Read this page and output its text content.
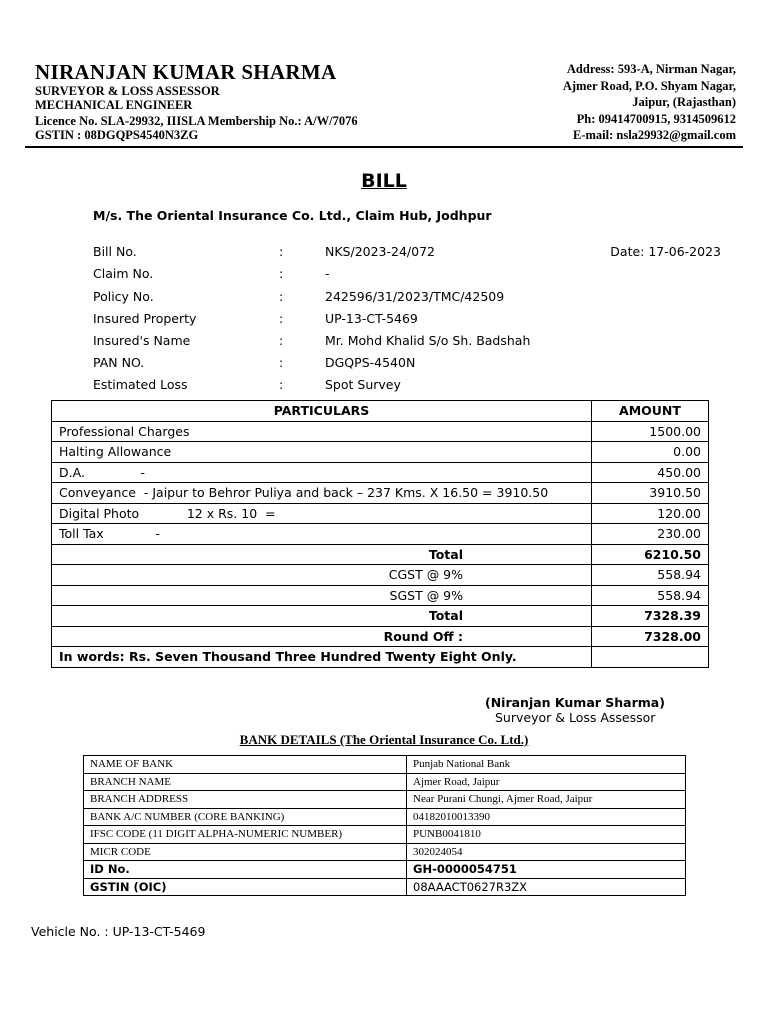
NIRANJAN KUMAR SHARMA
SURVEYOR & LOSS ASSESSOR
MECHANICAL ENGINEER
Licence No. SLA-29932, IIISLA Membership No.: A/W/7076
GSTIN : 08DGQPS4540N3ZG
Address: 593-A, Nirman Nagar,
Ajmer Road, P.O. Shyam Nagar,
Jaipur, (Rajasthan)
Ph: 09414700915, 9314509612
E-mail: nsla29932@gmail.com
BILL
M/s. The Oriental Insurance Co. Ltd., Claim Hub, Jodhpur
Bill No.	:	NKS/2023-24/072	Date: 17-06-2023
Claim No.	:	-
Policy No.	:	242596/31/2023/TMC/42509
Insured Property	:	UP-13-CT-5469
Insured's Name	:	Mr. Mohd Khalid S/o Sh. Badshah
PAN NO.	:	DGQPS-4540N
Estimated Loss	:	Spot Survey
PARTICULARS	AMOUNT
Professional Charges	1500.00
Halting Allowance	0.00
D.A.              -	450.00
Conveyance  - Jaipur to Behror Puliya and back – 237 Kms. X 16.50 = 3910.50	3910.50
Digital Photo            12 x Rs. 10  =	120.00
Toll Tax             -	230.00
Total	6210.50
CGST @ 9%	558.94
SGST @ 9%	558.94
Total	7328.39
Round Off :	7328.00
In words: Rs. Seven Thousand Three Hundred Twenty Eight Only.	
(Niranjan Kumar Sharma)
Surveyor & Loss Assessor
BANK DETAILS (The Oriental Insurance Co. Ltd.)
NAME OF BANK	Punjab National Bank
BRANCH NAME	Ajmer Road, Jaipur
BRANCH ADDRESS	Near Purani Chungi, Ajmer Road, Jaipur
BANK A/C NUMBER (CORE BANKING)	04182010013390
IFSC CODE (11 DIGIT ALPHA-NUMERIC NUMBER)	PUNB0041810
MICR CODE	302024054
ID No.	GH-0000054751
GSTIN (OIC)	08AAACT0627R3ZX
Vehicle No. : UP-13-CT-5469
